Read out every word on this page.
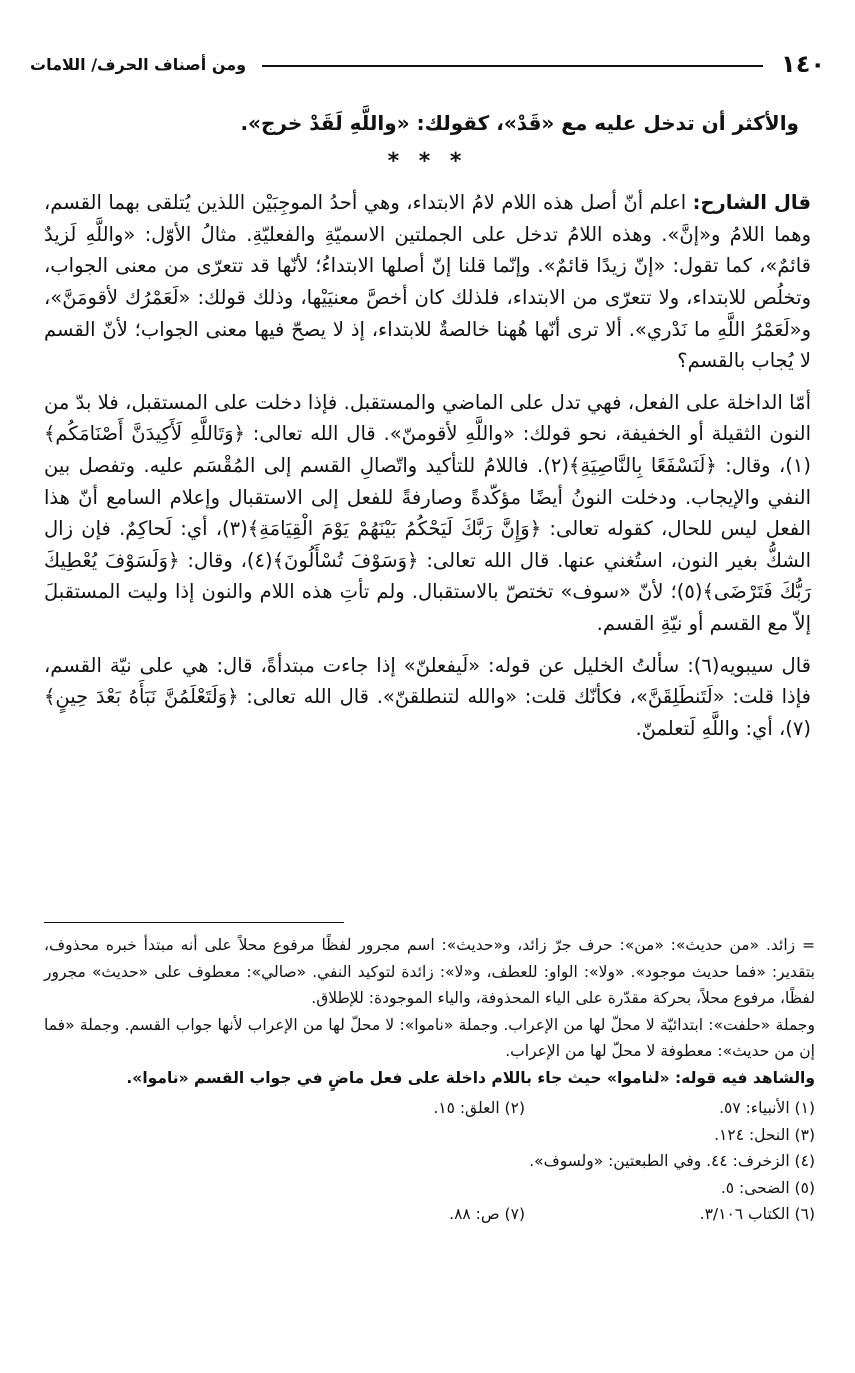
١٤٠
ومن أصناف الحرف/ اللامات

والأكثر أن تدخل عليه مع «قَدْ»، كقولك: «واللَّهِ لَقَدْ خرج».

* * *

قال الشارح: اعلم أنّ أصل هذه اللام لامُ الابتداء، وهي أحدُ الموجِبَيْن اللذين يُتلقى بهما القسم، وهما اللامُ و«إنَّ». وهذه اللامُ تدخل على الجملتين الاسميّةِ والفعليّةِ. مثالُ الأوّل: «واللَّهِ لَزيدٌ قائمٌ»، كما تقول: «إنّ زيدًا قائمٌ». وإنّما قلنا إنّ أصلها الابتداءُ؛ لأنّها قد تتعرّى من معنى الجواب، وتخلُص للابتداء، ولا تتعرّى من الابتداء، فلذلك كان أخصَّ معنيَيْها، وذلك قولك: «لَعَمْرُك لأقومَنَّ»، و«لَعَمْرُ اللَّهِ ما نَدْري». ألا ترى أنّها هُهنا خالصةٌ للابتداء، إذ لا يصحّ فيها معنى الجواب؛ لأنّ القسم لا يُجاب بالقسم؟

أمّا الداخلة على الفعل، فهي تدل على الماضي والمستقبل. فإذا دخلت على المستقبل، فلا بدّ من النون الثقيلة أو الخفيفة، نحو قولك: «واللَّهِ لأقومنّ». قال الله تعالى: ﴿وَتَاللَّهِ لَأَكِيدَنَّ أَصْنَامَكُم﴾(١)، وقال: ﴿لَنَسْفَعًا بِالنَّاصِيَةِ﴾(٢). فاللامُ للتأكيد واتّصالِ القسم إلى المُقْسَم عليه. وتفصل بين النفي والإيجاب. ودخلت النونُ أيضًا مؤكّدةً وصارفةً للفعل إلى الاستقبال وإعلام السامع أنّ هذا الفعل ليس للحال، كقوله تعالى: ﴿وَإِنَّ رَبَّكَ لَيَحْكُمُ بَيْنَهُمْ يَوْمَ الْقِيَامَةِ﴾(٣)، أي: لَحاكِمٌ. فإن زال الشكُّ بغير النون، استُغني عنها. قال الله تعالى: ﴿وَسَوْفَ تُسْأَلُونَ﴾(٤)، وقال: ﴿وَلَسَوْفَ يُعْطِيكَ رَبُّكَ فَتَرْضَى﴾(٥)؛ لأنّ «سوف» تختصّ بالاستقبال. ولم تأتِ هذه اللام والنون إذا وليت المستقبلَ إلاّ مع القسم أو نيّةِ القسم.

قال سيبويه(٦): سألتُ الخليل عن قوله: «لَيفعلنّ» إذا جاءت مبتدأةً، قال: هي على نيّة القسم، فإذا قلت: «لَتَنطَلِقَنَّ»، فكأنّك قلت: «والله لتنطلقنّ». قال الله تعالى: ﴿وَلَتَعْلَمُنَّ نَبَأَهُ بَعْدَ حِينٍ﴾(٧)، أي: واللَّهِ لَتعلمنّ.

= زائد. «من حديث»: «من»: حرف جرّ زائد، و«حديث»: اسم مجرور لفظًا مرفوع محلاً على أنه مبتدأ خبره محذوف، بتقدير: «فما حديث موجود». «ولا»: الواو: للعطف، و«لا»: زائدة لتوكيد النفي. «صالي»: معطوف على «حديث» مجرور لفظًا، مرفوع محلاً، بحركة مقدّرة على الياء المحذوفة، والياء الموجودة: للإطلاق.

وجملة «حلفت»: ابتدائيّة لا محلّ لها من الإعراب. وجملة «ناموا»: لا محلّ لها من الإعراب لأنها جواب القسم. وجملة «فما إن من حديث»: معطوفة لا محلّ لها من الإعراب.

والشاهد فيه قوله: «لناموا» حيث جاء باللام داخلة على فعل ماضٍ في جواب القسم «ناموا».

(١) الأنبياء: ٥٧.
(٢) العلق: ١٥.
(٣) النحل: ١٢٤.
(٤) الزخرف: ٤٤. وفي الطبعتين: «ولسوف».
(٥) الضحى: ٥.
(٦) الكتاب ٣/١٠٦.
(٧) ص: ٨٨.
